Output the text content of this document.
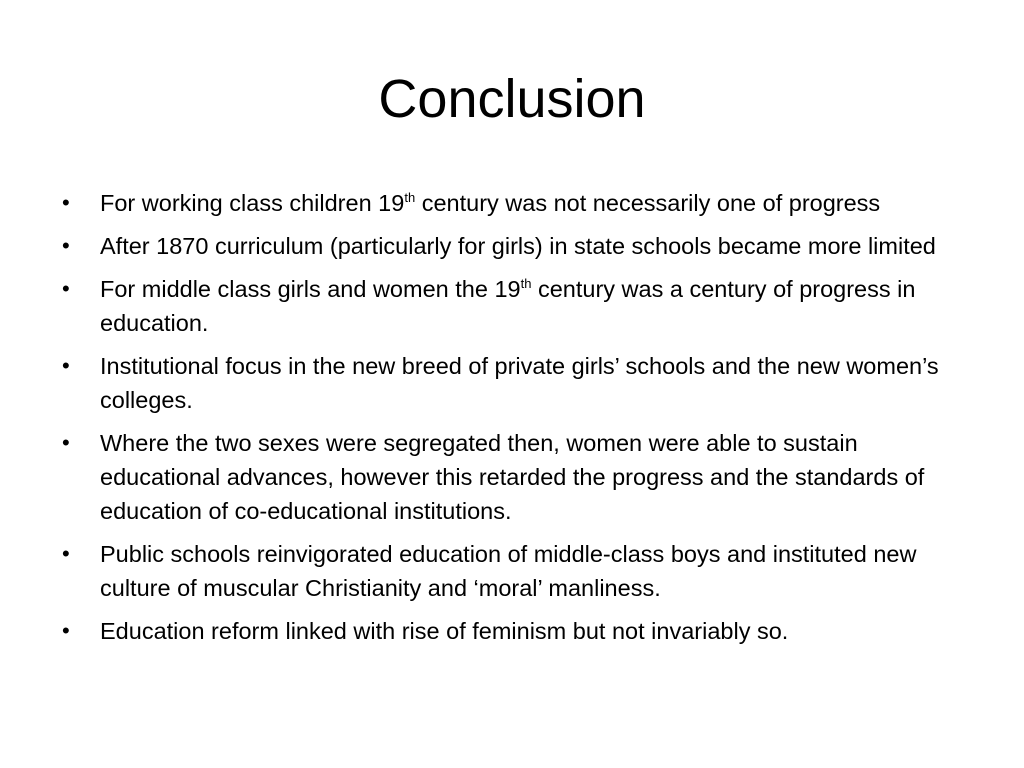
Conclusion
•	For working class children 19th century was not necessarily one of progress
•	After 1870 curriculum (particularly for girls) in state schools became more limited
•	For middle class girls and women the 19th century was a century of progress in education.
•	Institutional focus in the new breed of private girls’ schools and the new women’s colleges.
•	Where the two sexes were segregated then, women were able to sustain educational advances, however this retarded the progress and the standards of education of co-educational institutions.
•	Public schools reinvigorated education of middle-class boys and instituted new culture of muscular Christianity and ‘moral’ manliness.
•	Education reform linked with rise of feminism but not invariably so.
